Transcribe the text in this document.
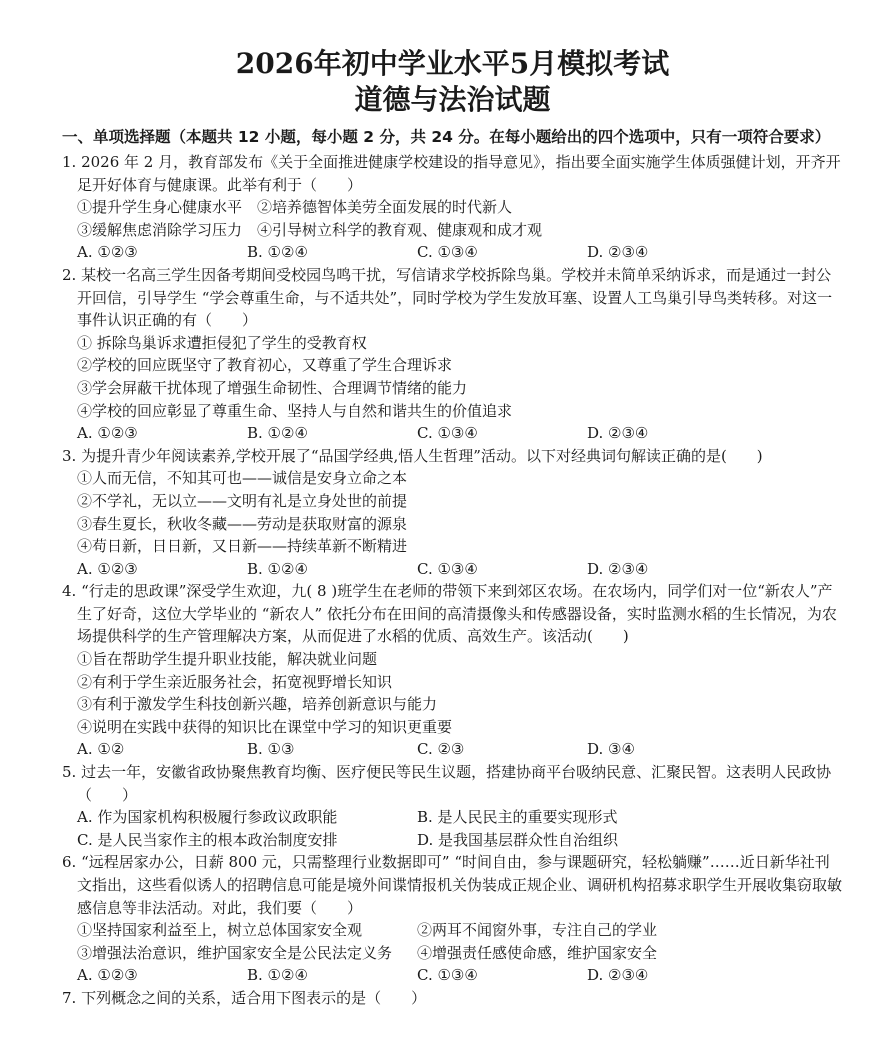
2026年初中学业水平5月模拟考试
道德与法治试题

一、单项选择题（本题共 12 小题，每小题 2 分，共 24 分。在每小题给出的四个选项中，只有一项符合要求）

1. 2026 年 2 月，教育部发布《关于全面推进健康学校建设的指导意见》，指出要全面实施学生体质强健计划，开齐开足开好体育与健康课。此举有利于（　　）

①提升学生身心健康水平　②培养德智体美劳全面发展的时代新人
③缓解焦虑消除学习压力　④引导树立科学的教育观、健康观和成才观
A. ①②③	B. ①②④	C. ①③④	D. ②③④

2. 某校一名高三学生因备考期间受校园鸟鸣干扰，写信请求学校拆除鸟巢。学校并未简单采纳诉求，而是通过一封公开回信，引导学生 “学会尊重生命，与不适共处”，同时学校为学生发放耳塞、设置人工鸟巢引导鸟类转移。对这一事件认识正确的有（　　）

① 拆除鸟巢诉求遭拒侵犯了学生的受教育权
②学校的回应既坚守了教育初心，又尊重了学生合理诉求
③学会屏蔽干扰体现了增强生命韧性、合理调节情绪的能力
④学校的回应彰显了尊重生命、坚持人与自然和谐共生的价值追求
A. ①②③	B. ①②④	C. ①③④	D. ②③④

3. 为提升青少年阅读素养,学校开展了“品国学经典,悟人生哲理”活动。以下对经典词句解读正确的是(　　)

①人而无信，不知其可也——诚信是安身立命之本
②不学礼，无以立——文明有礼是立身处世的前提
③春生夏长，秋收冬藏——劳动是获取财富的源泉
④苟日新，日日新，又日新——持续革新不断精进
A. ①②③	B. ①②④	C. ①③④	D. ②③④

4. “行走的思政课”深受学生欢迎，九( 8 )班学生在老师的带领下来到郊区农场。在农场内，同学们对一位“新农人”产生了好奇，这位大学毕业的 “新农人” 依托分布在田间的高清摄像头和传感器设备，实时监测水稻的生长情况，为农场提供科学的生产管理解决方案，从而促进了水稻的优质、高效生产。该活动(　　)

①旨在帮助学生提升职业技能，解决就业问题
②有利于学生亲近服务社会，拓宽视野增长知识
③有利于激发学生科技创新兴趣，培养创新意识与能力
④说明在实践中获得的知识比在课堂中学习的知识更重要
A. ①②	B. ①③	C. ②③	D. ③④

5. 过去一年，安徽省政协聚焦教育均衡、医疗便民等民生议题，搭建协商平台吸纳民意、汇聚民智。这表明人民政协（　　）

A. 作为国家机构积极履行参政议政职能	B. 是人民民主的重要实现形式
C. 是人民当家作主的根本政治制度安排	D. 是我国基层群众性自治组织

6. “远程居家办公，日薪 800 元，只需整理行业数据即可” “时间自由，参与课题研究，轻松躺赚”……近日新华社刊文指出，这些看似诱人的招聘信息可能是境外间谍情报机关伪装成正规企业、调研机构招募求职学生开展收集窃取敏感信息等非法活动。对此，我们要（　　）

①坚持国家利益至上，树立总体国家安全观	②两耳不闻窗外事，专注自己的学业
③增强法治意识，维护国家安全是公民法定义务	④增强责任感使命感，维护国家安全
A. ①②③	B. ①②④	C. ①③④	D. ②③④

7. 下列概念之间的关系，适合用下图表示的是（　　）
